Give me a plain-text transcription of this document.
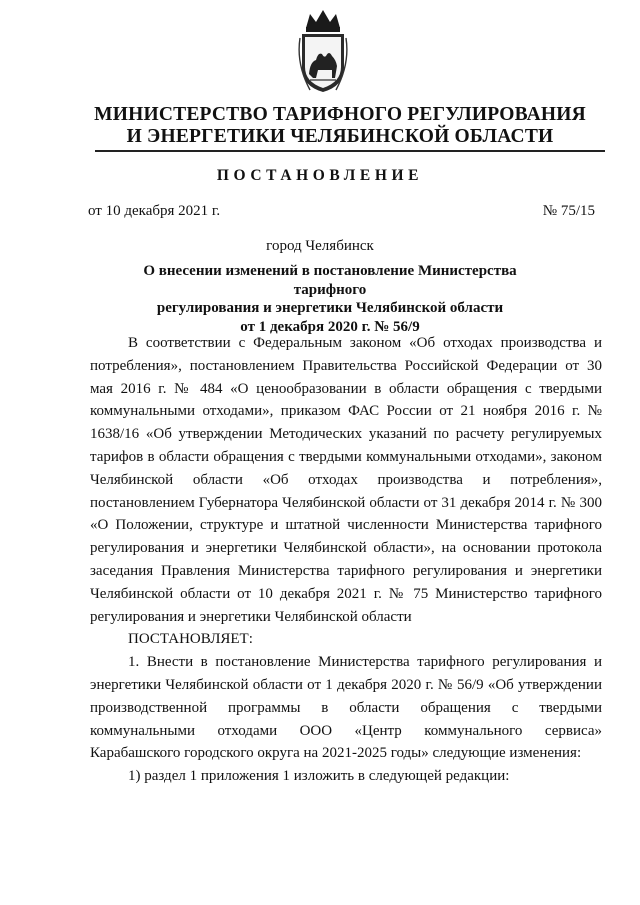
МИНИСТЕРСТВО ТАРИФНОГО РЕГУЛИРОВАНИЯ
И ЭНЕРГЕТИКИ ЧЕЛЯБИНСКОЙ ОБЛАСТИ
ПОСТАНОВЛЕНИЕ
от 10 декабря 2021 г.	№ 75/15
город Челябинск
О внесении изменений в постановление Министерства тарифного
регулирования и энергетики Челябинской области
от 1 декабря 2020 г. № 56/9

В соответствии с Федеральным законом «Об отходах производства и потребления», постановлением Правительства Российской Федерации от 30 мая 2016 г. № 484 «О ценообразовании в области обращения с твердыми коммунальными отходами», приказом ФАС России от 21 ноября 2016 г. № 1638/16 «Об утверждении Методических указаний по расчету регулируемых тарифов в области обращения с твердыми коммунальными отходами», законом Челябинской области «Об отходах производства и потребления», постановлением Губернатора Челябинской области от 31 декабря 2014 г. № 300 «О Положении, структуре и штатной численности Министерства тарифного регулирования и энергетики Челябинской области», на основании протокола заседания Правления Министерства тарифного регулирования и энергетики Челябинской области от 10 декабря 2021 г. № 75 Министерство тарифного регулирования и энергетики Челябинской области

ПОСТАНОВЛЯЕТ:

1. Внести в постановление Министерства тарифного регулирования и энергетики Челябинской области от 1 декабря 2020 г. № 56/9 «Об утверждении производственной программы в области обращения с твердыми коммунальными отходами ООО «Центр коммунального сервиса» Карабашского городского округа на 2021-2025 годы» следующие изменения:

1) раздел 1 приложения 1 изложить в следующей редакции:
